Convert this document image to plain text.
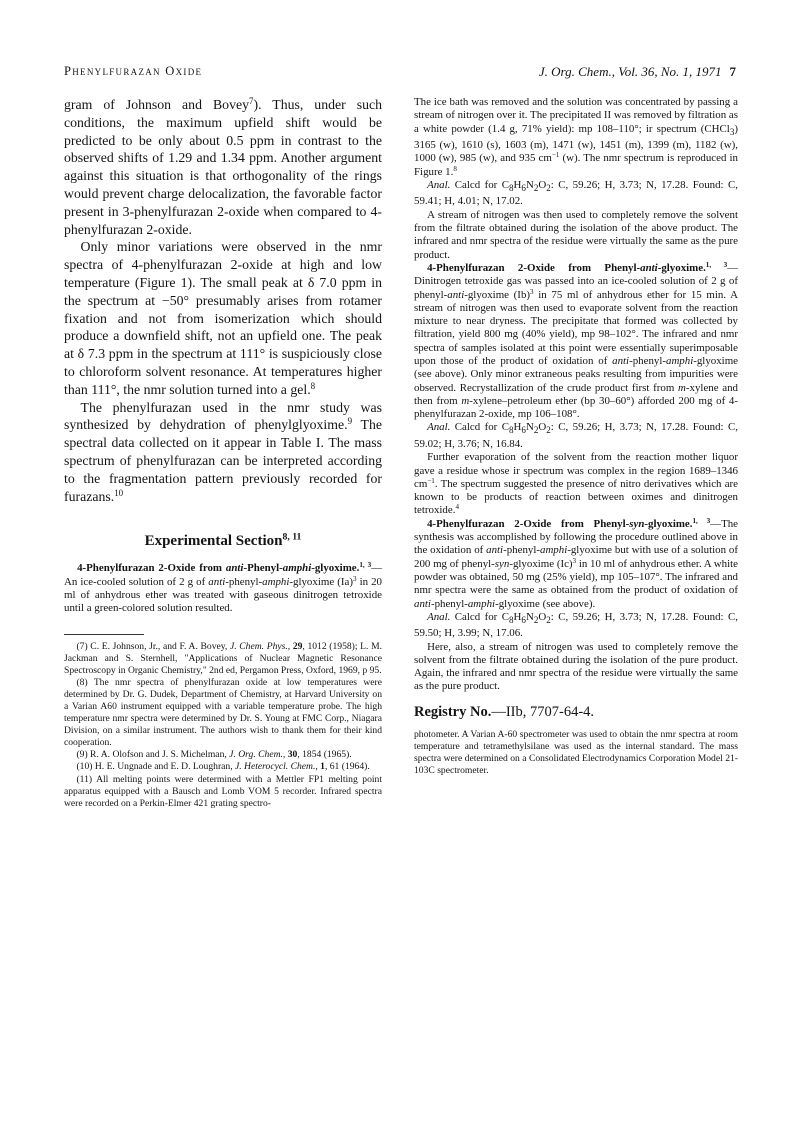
Phenylfurazan Oxide	J. Org. Chem., Vol. 36, No. 1, 1971 7

gram of Johnson and Bovey$^7$). Thus, under such conditions, the maximum upfield shift would be predicted to be only about 0.5 ppm in contrast to the observed shifts of 1.29 and 1.34 ppm. Another argument against this situation is that orthogonality of the rings would prevent charge delocalization, the favorable factor present in 3-phenylfurazan 2-oxide when compared to 4-phenylfurazan 2-oxide.

Only minor variations were observed in the nmr spectra of 4-phenylfurazan 2-oxide at high and low temperature (Figure 1). The small peak at δ 7.0 ppm in the spectrum at −50° presumably arises from rotamer fixation and not from isomerization which should produce a downfield shift, not an upfield one. The peak at δ 7.3 ppm in the spectrum at 111° is suspiciously close to chloroform solvent resonance. At temperatures higher than 111°, the nmr solution turned into a gel.$^8$

The phenylfurazan used in the nmr study was synthesized by dehydration of phenylglyoxime.$^9$ The spectral data collected on it appear in Table I. The mass spectrum of phenylfurazan can be interpreted according to the fragmentation pattern previously recorded for furazans.$^{10}$

Experimental Section$^{8, 11}$

4-Phenylfurazan 2-Oxide from anti-Phenyl-amphi-glyoxime.$^{1, 3}$—An ice-cooled solution of 2 g of anti-phenyl-amphi-glyoxime $(Ia)^3$ in 20 ml of anhydrous ether was treated with gaseous dinitrogen tetroxide until a green-colored solution resulted.

(7) C. E. Johnson, Jr., and F. A. Bovey, J. Chem. Phys., 29, 1012 (1958); L. M. Jackman and S. Sternhell, "Applications of Nuclear Magnetic Resonance Spectroscopy in Organic Chemistry," 2nd ed, Pergamon Press, Oxford, 1969, p 95.

(8) The nmr spectra of phenylfurazan oxide at low temperatures were determined by Dr. G. Dudek, Department of Chemistry, at Harvard University on a Varian A60 instrument equipped with a variable temperature probe. The high temperature nmr spectra were determined by Dr. S. Young at FMC Corp., Niagara Division, on a similar instrument. The authors wish to thank them for their kind cooperation.

(9) R. A. Olofson and J. S. Michelman, J. Org. Chem., 30, 1854 (1965).

(10) H. E. Ungnade and E. D. Loughran, J. Heterocycl. Chem., 1, 61 (1964).

(11) All melting points were determined with a Mettler FP1 melting point apparatus equipped with a Bausch and Lomb VOM 5 recorder. Infrared spectra were recorded on a Perkin-Elmer 421 grating spectro-

The ice bath was removed and the solution was concentrated by passing a stream of nitrogen over it. The precipitated II was removed by filtration as a white powder (1.4 g, 71% yield): mp 108–110°; ir spectrum (CHCl$_3$) 3165 (w), 1610 (s), 1603 (m), 1471 (w), 1451 (m), 1399 (m), 1182 (w), 1000 (w), 985 (w), and 935 $cm^{-1}$ (w). The nmr spectrum is reproduced in Figure 1.$^8$

Anal. Calcd for $C_8H_6N_2O_2$: C, 59.26; H, 3.73; N, 17.28. Found: C, 59.41; H, 4.01; N, 17.02.

A stream of nitrogen was then used to completely remove the solvent from the filtrate obtained during the isolation of the above product. The infrared and nmr spectra of the residue were virtually the same as the pure product.

4-Phenylfurazan 2-Oxide from Phenyl-anti-glyoxime.$^{1, 3}$—Dinitrogen tetroxide gas was passed into an ice-cooled solution of 2 g of phenyl-anti-glyoxime $(Ib)^3$ in 75 ml of anhydrous ether for 15 min. A stream of nitrogen was then used to evaporate solvent from the reaction mixture to near dryness. The precipitate that formed was collected by filtration, yield 800 mg (40% yield), mp 98–102°. The infrared and nmr spectra of samples isolated at this point were essentially superimposable upon those of the product of oxidation of anti-phenyl-amphi-glyoxime (see above). Only minor extraneous peaks resulting from impurities were observed. Recrystallization of the crude product first from m-xylene and then from m-xylene–petroleum ether (bp 30–60°) afforded 200 mg of 4-phenylfurazan 2-oxide, mp 106–108°.

Anal. Calcd for $C_8H_6N_2O_2$: C, 59.26; H, 3.73; N, 17.28. Found: C, 59.02; H, 3.76; N, 16.84.

Further evaporation of the solvent from the reaction mother liquor gave a residue whose ir spectrum was complex in the region 1689–1346 $cm^{-1}$. The spectrum suggested the presence of nitro derivatives which are known to be products of reaction between oximes and dinitrogen tetroxide.$^4$

4-Phenylfurazan 2-Oxide from Phenyl-syn-glyoxime.$^{1, 3}$—The synthesis was accomplished by following the procedure outlined above in the oxidation of anti-phenyl-amphi-glyoxime but with use of a solution of 200 mg of phenyl-syn-glyoxime $(Ic)^3$ in 10 ml of anhydrous ether. A white powder was obtained, 50 mg (25% yield), mp 105–107°. The infrared and nmr spectra were the same as obtained from the product of oxidation of anti-phenyl-amphi-glyoxime (see above).

Anal. Calcd for $C_8H_6N_2O_2$: C, 59.26; H, 3.73; N, 17.28. Found: C, 59.50; H, 3.99; N, 17.06.

Here, also, a stream of nitrogen was used to completely remove the solvent from the filtrate obtained during the isolation of the pure product. Again, the infrared and nmr spectra of the residue were virtually the same as the pure product.

Registry No.—IIb, 7707-64-4.

photometer. A Varian A-60 spectrometer was used to obtain the nmr spectra at room temperature and tetramethylsilane was used as the internal standard. The mass spectra were determined on a Consolidated Electrodynamics Corporation Model 21-103C spectrometer.
